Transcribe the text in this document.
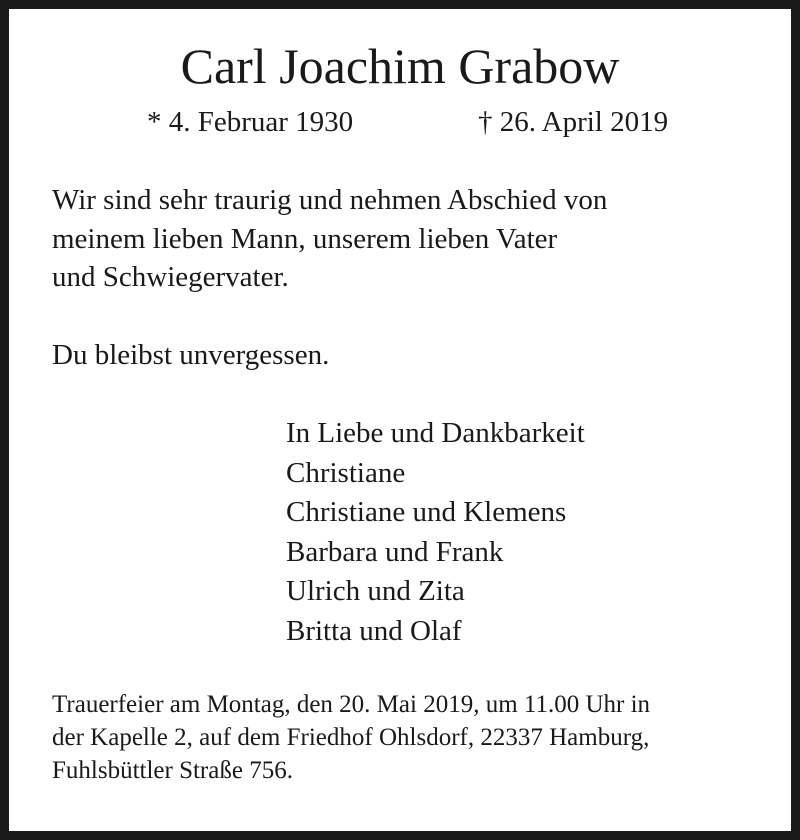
Carl Joachim Grabow
* 4. Februar 1930	† 26. April 2019
Wir sind sehr traurig und nehmen Abschied von
meinem lieben Mann, unserem lieben Vater
und Schwiegervater.
Du bleibst unvergessen.
In Liebe und Dankbarkeit
Christiane
Christiane und Klemens
Barbara und Frank
Ulrich und Zita
Britta und Olaf
Trauerfeier am Montag, den 20. Mai 2019, um 11.00 Uhr in
der Kapelle 2, auf dem Friedhof Ohlsdorf, 22337 Hamburg,
Fuhlsbüttler Straße 756.
